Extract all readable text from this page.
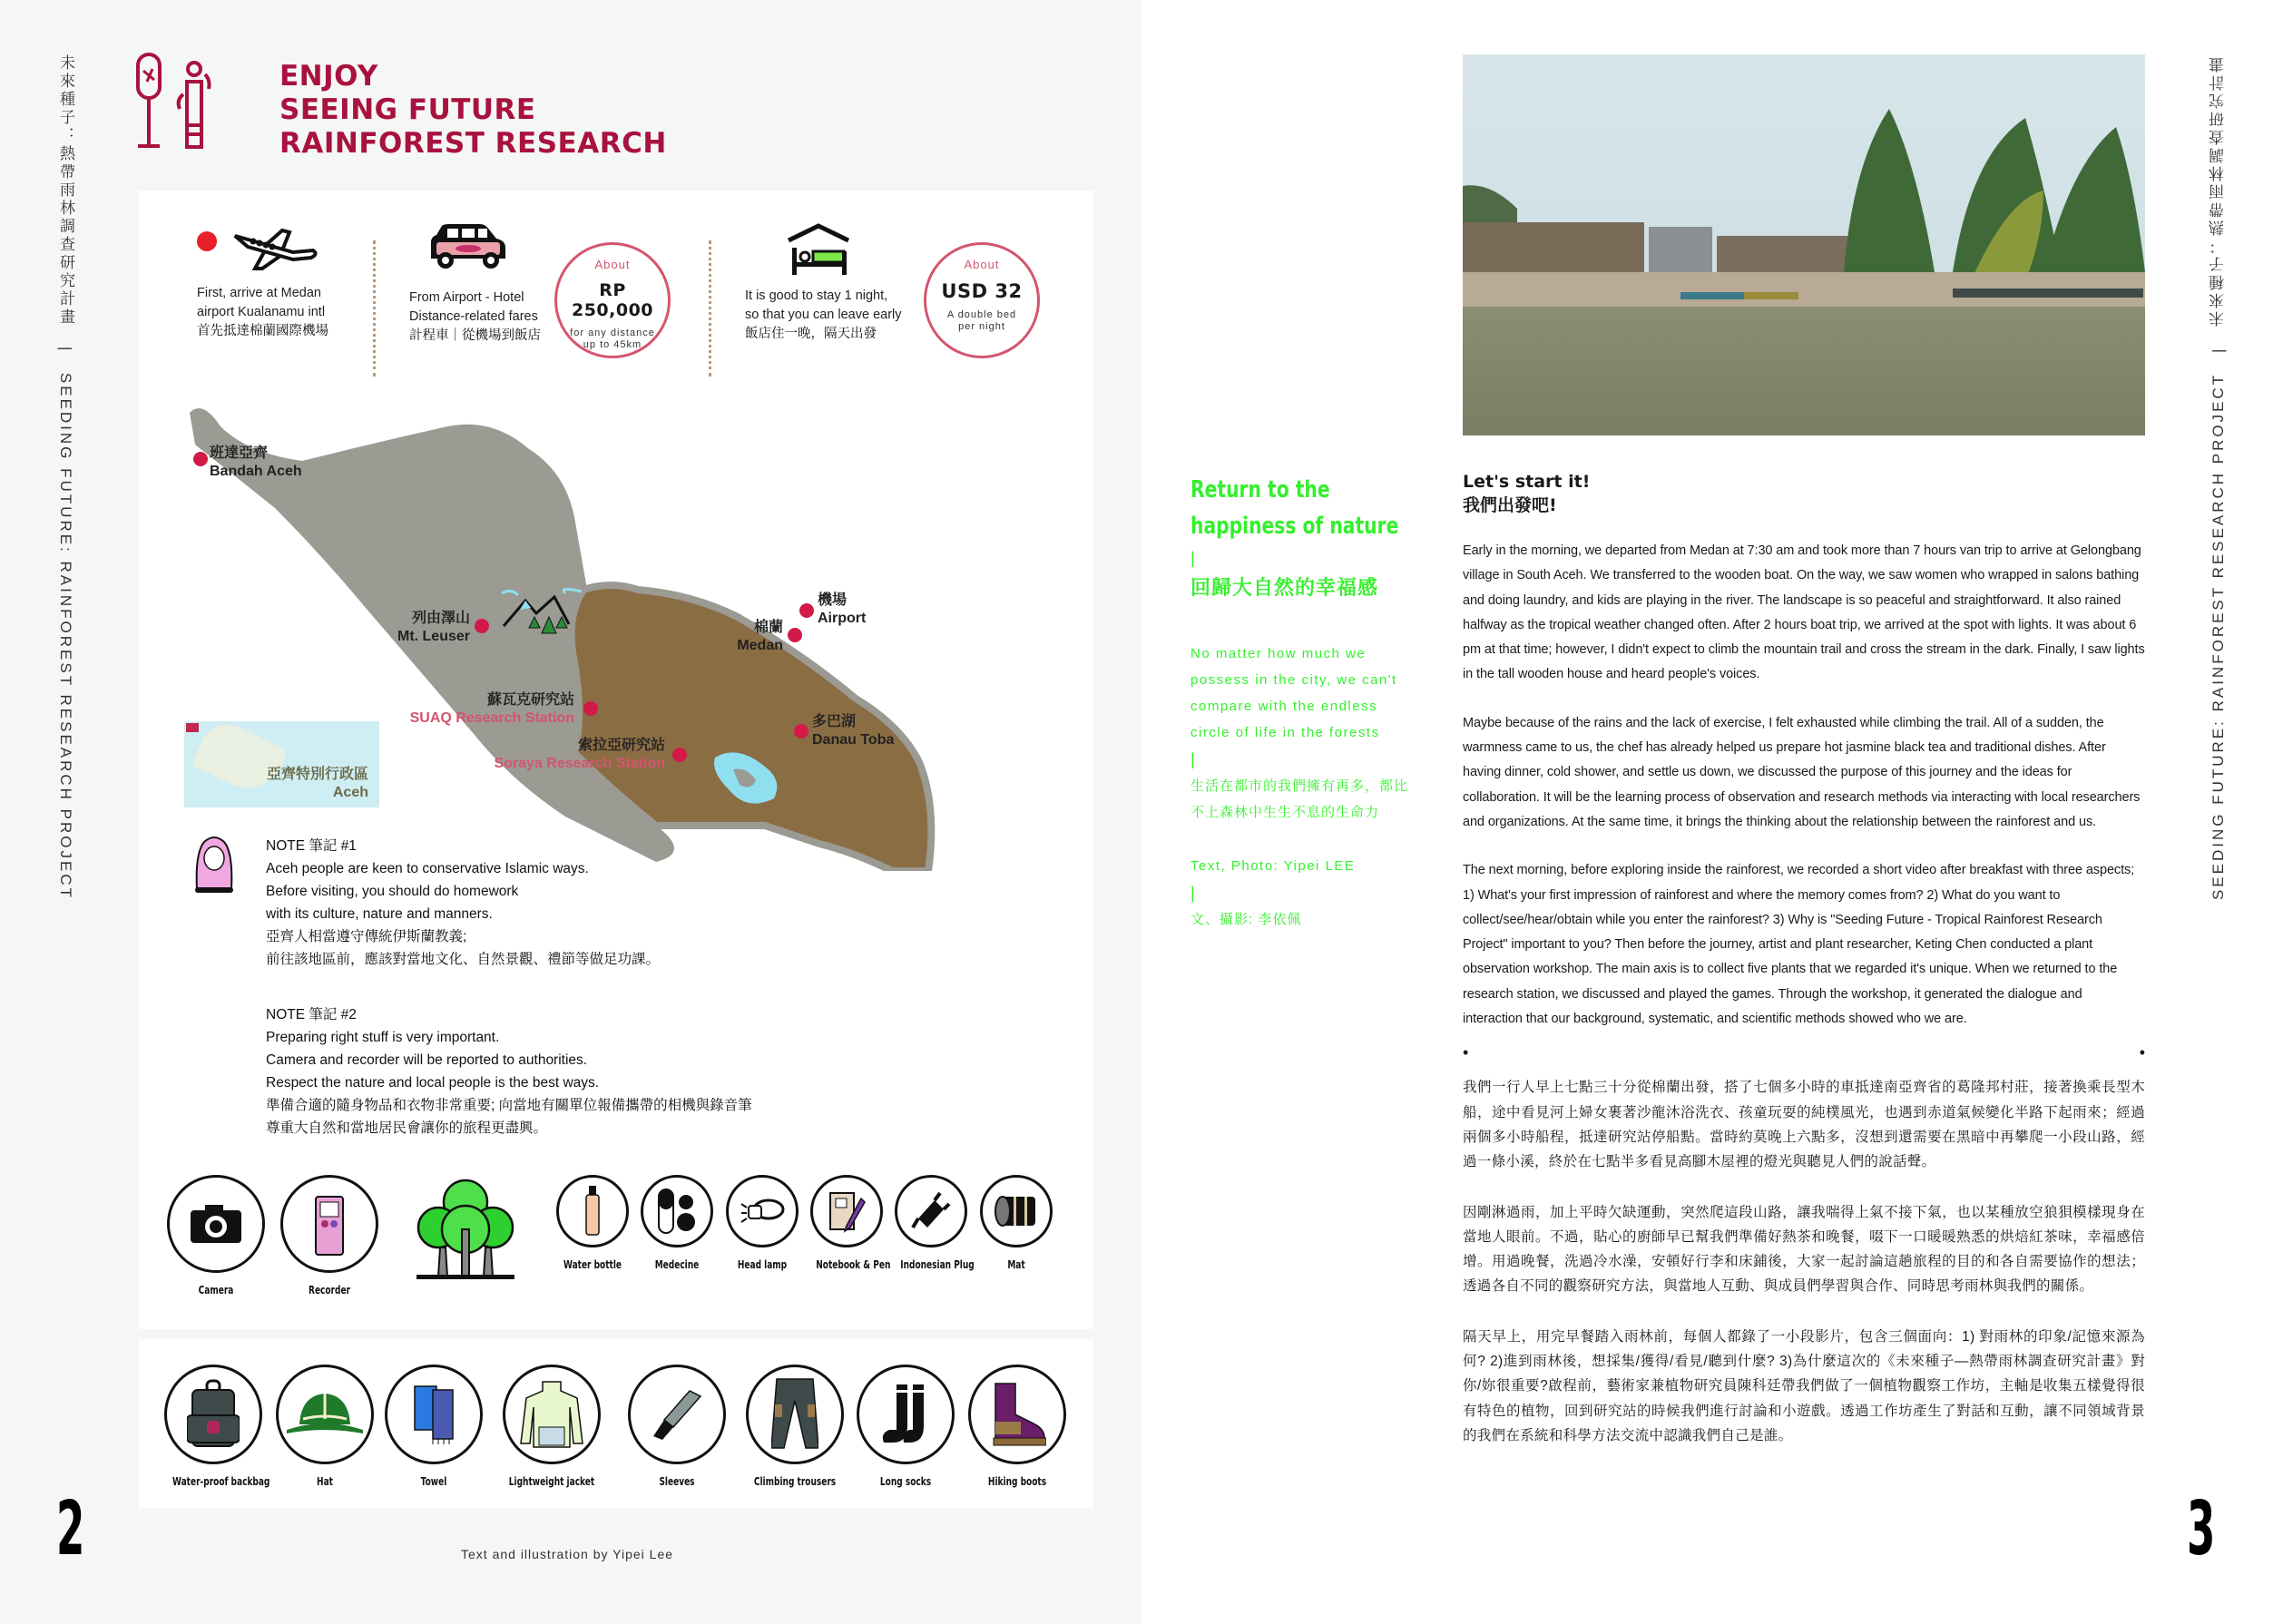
未來種子：熱帶雨林調查研究計畫 | SEEDING FUTURE: RAINFOREST RESEARCH PROJECT
ENJOY
SEEING FUTURE
RAINFOREST RESEARCH
First, arrive at Medan
airport Kualanamu intl
首先抵達棉蘭國際機場
From Airport - Hotel
Distance-related fares
計程車｜從機場到飯店
About
RP 250,000
for any distance
up to 45km
It is good to stay 1 night,
so that you can leave early
飯店住一晚，隔天出發
About
USD 32
A double bed
per night
班達亞齊
Bandah Aceh
列由澤山
Mt. Leuser
機場
Airport
棉蘭
Medan
蘇瓦克研究站
SUAQ Research Station	多巴湖
Danau Toba
索拉亞研究站
Soraya Research Station
亞齊特別行政區
Aceh
NOTE 筆記 #1
Aceh people are keen to conservative Islamic ways.
Before visiting, you should do homework
with its culture, nature and manners.
亞齊人相當遵守傳統伊斯蘭教義;
前往該地區前，應該對當地文化、自然景觀、禮節等做足功課。
NOTE 筆記 #2
Preparing right stuff is very important.
Camera and recorder will be reported to authorities.
Respect the nature and local people is the best ways.
準備合適的隨身物品和衣物非常重要; 向當地有關單位報備攜帶的相機與錄音筆
尊重大自然和當地居民會讓你的旅程更盡興。
Camera	Recorder
Water bottle	Medecine	Head lamp	Notebook & Pen Indonesian Plug	Mat
Water-proof backbag	Hat	Towel	Lightweight jacket	Sleeves	Climbing trousers	Long socks	Hiking boots
Text and illustration by Yipei Lee
2
Return to the
happiness of nature
|
回歸大自然的幸福感
No matter how much we
possess in the city, we can't
compare with the endless
circle of life in the forests
|
生活在都市的我們擁有再多，都比
不上森林中生生不息的生命力
Text, Photo: Yipei LEE
|
文、攝影: 李依佩
Let's start it!
我們出發吧!

Early in the morning, we departed from Medan at 7:30 am and took more than 7 hours van trip to arrive at Gelongbang village in South Aceh. We transferred to the wooden boat. On the way, we saw women who wrapped in salons bathing and doing laundry, and kids are playing in the river. The landscape is so peaceful and straightforward. It also rained halfway as the tropical weather changed often. After 2 hours boat trip, we arrived at the spot with lights. It was about 6 pm at that time; however, I didn't expect to climb the mountain trail and cross the stream in the dark. Finally, I saw lights in the tall wooden house and heard people's voices.

Maybe because of the rains and the lack of exercise, I felt exhausted while climbing the trail. All of a sudden, the warmness came to us, the chef has already helped us prepare hot jasmine black tea and traditional dishes. After having dinner, cold shower, and settle us down, we discussed the purpose of this journey and the ideas for collaboration. It will be the learning process of observation and research methods via interacting with local researchers and organizations. At the same time, it brings the thinking about the relationship between the rainforest and us.

The next morning, before exploring inside the rainforest, we recorded a short video after breakfast with three aspects; 1) What's your first impression of rainforest and where the memory comes from? 2) What do you want to collect/see/hear/obtain while you enter the rainforest? 3) Why is "Seeding Future - Tropical Rainforest Research Project" important to you? Then before the journey, artist and plant researcher, Keting Chen conducted a plant observation workshop. The main axis is to collect five plants that we regarded it's unique. When we returned to the research station, we discussed and played the games. Through the workshop, it generated the dialogue and interaction that our background, systematic, and scientific methods showed who we are.

•	•

我們一行人早上七點三十分從棉蘭出發，搭了七個多小時的車抵達南亞齊省的葛隆邦村莊，接著換乘長型木船，途中看見河上婦女裹著沙龍沐浴洗衣、孩童玩耍的純樸風光，也遇到赤道氣候變化半路下起雨來；經過兩個多小時船程，抵達研究站停船點。當時約莫晚上六點多，沒想到還需要在黑暗中再攀爬一小段山路，經過一條小溪，終於在七點半多看見高腳木屋裡的燈光與聽見人們的說話聲。

因剛淋過雨，加上平時欠缺運動，突然爬這段山路，讓我喘得上氣不接下氣，也以某種放空狼狽模樣現身在當地人眼前。不過，貼心的廚師早已幫我們準備好熱茶和晚餐，啜下一口暖暖熟悉的烘焙紅茶味，幸福感倍增。用過晚餐，洗過冷水澡，安頓好行李和床鋪後，大家一起討論這趟旅程的目的和各自需要協作的想法；透過各自不同的觀察研究方法，與當地人互動、與成員們學習與合作、同時思考雨林與我們的關係。

隔天早上，用完早餐踏入雨林前，每個人都錄了一小段影片，包含三個面向：1) 對雨林的印象/記憶來源為何? 2)進到雨林後，想採集/獲得/看見/聽到什麼? 3)為什麼這次的《未來種子—熱帶雨林調查研究計畫》對你/妳很重要?啟程前，藝術家兼植物研究員陳科廷帶我們做了一個植物觀察工作坊，主軸是收集五樣覺得很有特色的植物，回到研究站的時候我們進行討論和小遊戲。透過工作坊產生了對話和互動，讓不同領域背景的我們在系統和科學方法交流中認識我們自己是誰。

SEEDING FUTURE: RAINFOREST RESEARCH PROJECT | 未來種子：熱帶雨林調查研究計畫
3
